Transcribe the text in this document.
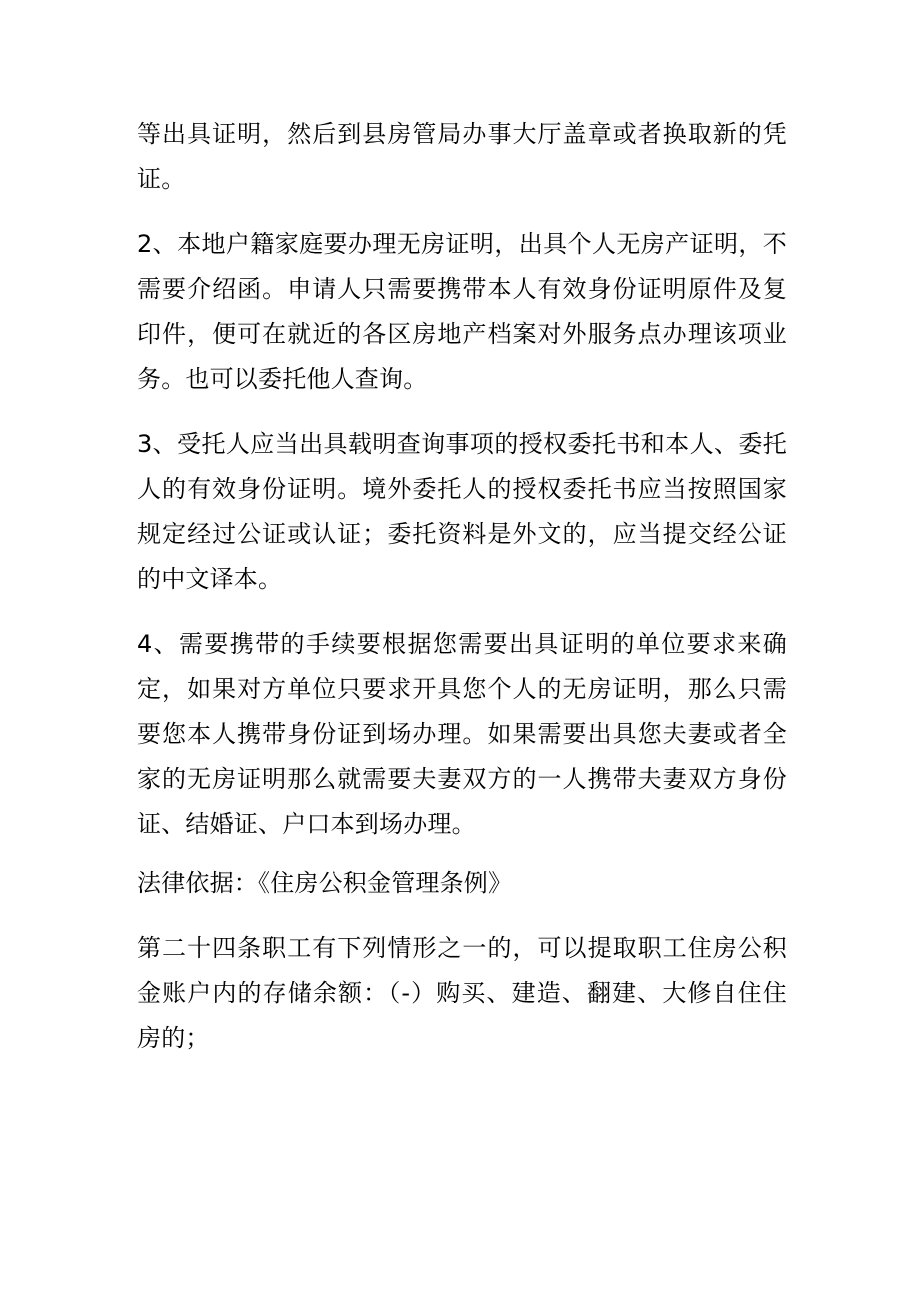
等出具证明，然后到县房管局办事大厅盖章或者换取新的凭证。

2、本地户籍家庭要办理无房证明，出具个人无房产证明，不需要介绍函。申请人只需要携带本人有效身份证明原件及复印件，便可在就近的各区房地产档案对外服务点办理该项业务。也可以委托他人查询。

3、受托人应当出具载明查询事项的授权委托书和本人、委托人的有效身份证明。境外委托人的授权委托书应当按照国家规定经过公证或认证；委托资料是外文的，应当提交经公证的中文译本。

4、需要携带的手续要根据您需要出具证明的单位要求来确定，如果对方单位只要求开具您个人的无房证明，那么只需要您本人携带身份证到场办理。如果需要出具您夫妻或者全家的无房证明那么就需要夫妻双方的一人携带夫妻双方身份证、结婚证、户口本到场办理。

法律依据：《住房公积金管理条例》

第二十四条职工有下列情形之一的，可以提取职工住房公积金账户内的存储余额：（-）购买、建造、翻建、大修自住住房的；
